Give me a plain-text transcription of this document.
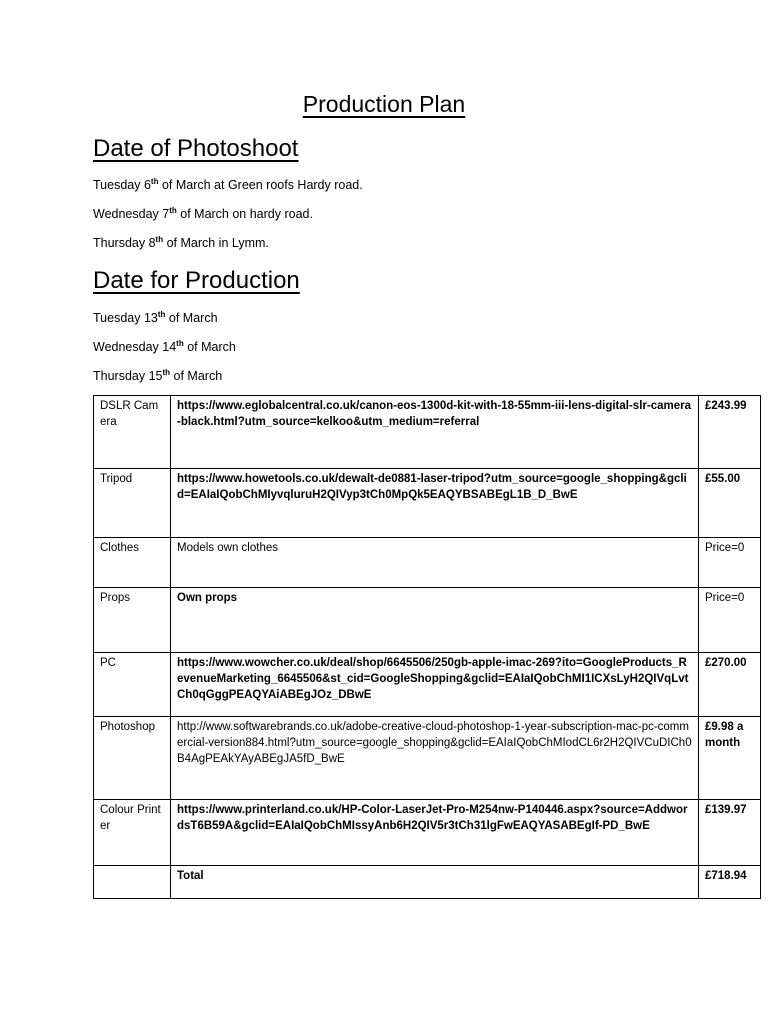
Production Plan
Date of Photoshoot
Tuesday 6th of March at Green roofs Hardy road.
Wednesday 7th of March on hardy road.
Thursday 8th of March in Lymm.
Date for Production
Tuesday 13th of March
Wednesday 14th of March
Thursday 15th of March
DSLR Camera	https://www.eglobalcentral.co.uk/canon-eos-1300d-kit-with-18-55mm-iii-lens-digital-slr-camera-black.html?utm_source=kelkoo&utm_medium=referral	£243.99
Tripod	https://www.howetools.co.uk/dewalt-de0881-laser-tripod?utm_source=google_shopping&gclid=EAIaIQobChMIyvqluruH2QIVyp3tCh0MpQk5EAQYBSABEgL1B_D_BwE	£55.00
Clothes	Models own clothes	Price=0
Props	Own props	Price=0
PC	https://www.wowcher.co.uk/deal/shop/6645506/250gb-apple-imac-269?ito=GoogleProducts_RevenueMarketing_6645506&st_cid=GoogleShopping&gclid=EAIaIQobChMI1ICXsLyH2QIVqLvtCh0qGggPEAQYAiABEgJOz_DBwE	£270.00
Photoshop	http://www.softwarebrands.co.uk/adobe-creative-cloud-photoshop-1-year-subscription-mac-pc-commercial-version884.html?utm_source=google_shopping&gclid=EAIaIQobChMIodCL6r2H2QIVCuDICh0B4AgPEAkYAyABEgJA5fD_BwE	£9.98 a month
Colour Printer	https://www.printerland.co.uk/HP-Color-LaserJet-Pro-M254nw-P140446.aspx?source=AddwordsT6B59A&gclid=EAIaIQobChMIssyAnb6H2QIV5r3tCh31lgFwEAQYASABEgIf-PD_BwE	£139.97
	Total	£718.94
